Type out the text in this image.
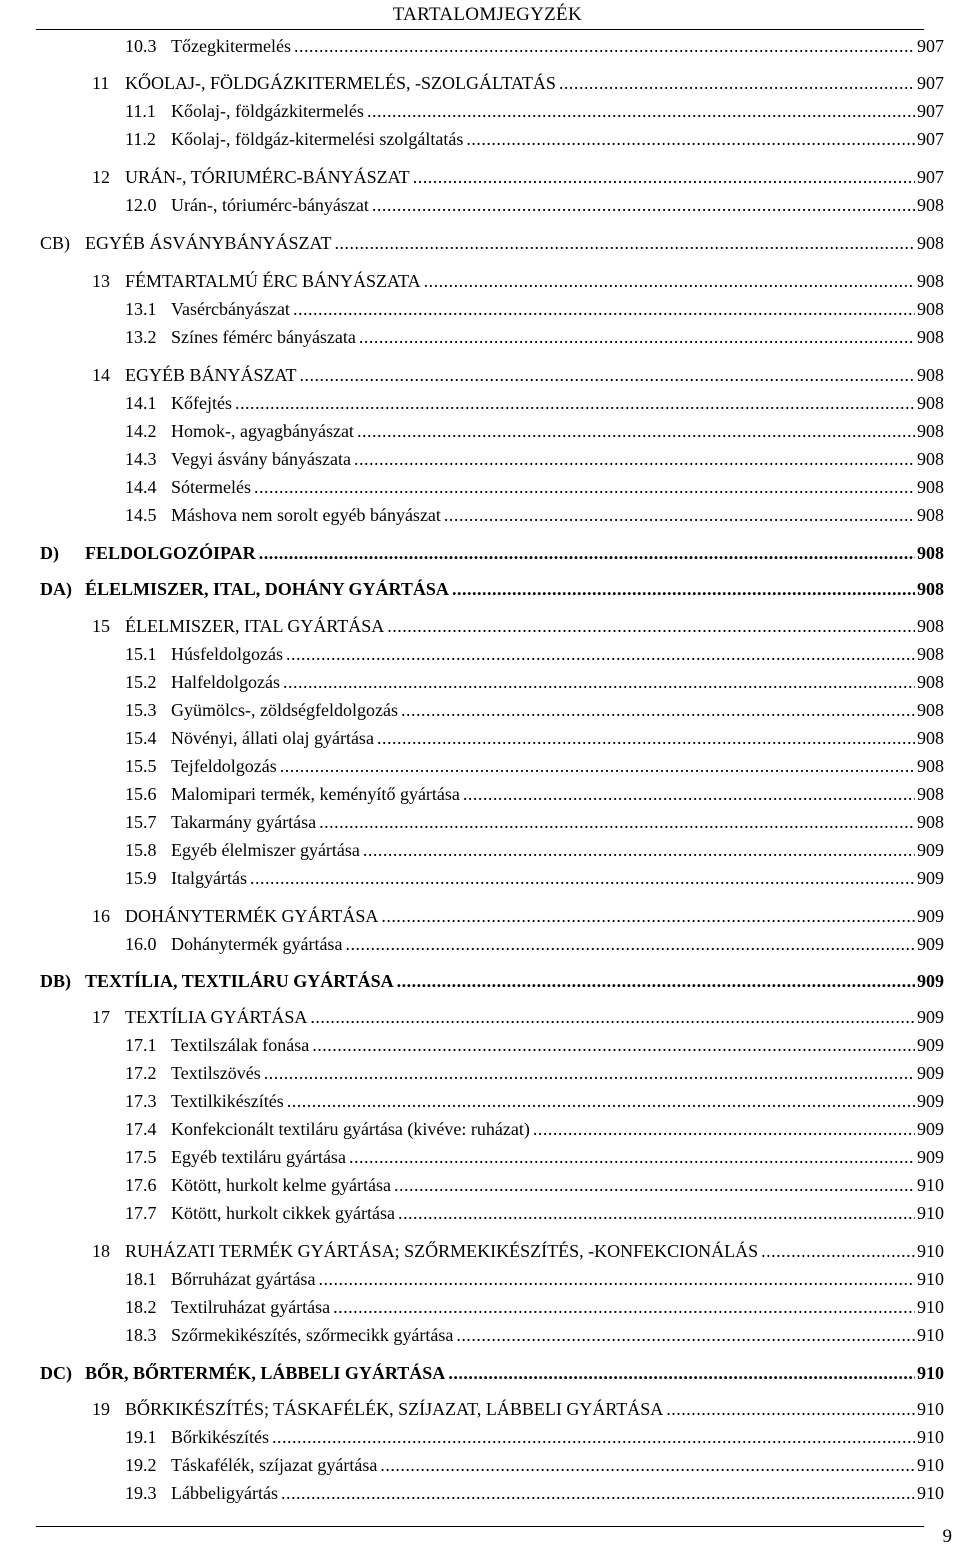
TARTALOMJEGYZÉK
10.3 Tőzegkitermelés .....	907
11 KŐOLAJ-, FÖLDGÁZKITERMELÉS, -SZOLGÁLTATÁS .....	907
11.1 Kőolaj-, földgázkitermelés .....	907
11.2 Kőolaj-, földgáz-kitermelési szolgáltatás .....	907
12 URÁN-, TÓRIUMÉRC-BÁNYÁSZAT .....	907
12.0 Urán-, tóriumérc-bányászat .....	908
CB) EGYÉB ÁSVÁNYBÁNYÁSZAT .....	908
13 FÉMTARTALMÚ ÉRC BÁNYÁSZATA .....	908
13.1 Vasércbányászat .....	908
13.2 Színes fémérc bányászata .....	908
14 EGYÉB BÁNYÁSZAT .....	908
14.1 Kőfejtés .....	908
14.2 Homok-, agyagbányászat .....	908
14.3 Vegyi ásvány bányászata .....	908
14.4 Sótermelés .....	908
14.5 Máshova nem sorolt egyéb bányászat .....	908
D)	FELDOLGOZÓIPAR .....	908
DA) ÉLELMISZER, ITAL, DOHÁNY GYÁRTÁSA .....	908
15 ÉLELMISZER, ITAL GYÁRTÁSA .....	908
15.1 Húsfeldolgozás .....	908
15.2 Halfeldolgozás .....	908
15.3 Gyümölcs-, zöldségfeldolgozás .....	908
15.4 Növényi, állati olaj gyártása .....	908
15.5 Tejfeldolgozás .....	908
15.6 Malomipari termék, keményítő gyártása .....	908
15.7 Takarmány gyártása .....	908
15.8 Egyéb élelmiszer gyártása .....	909
15.9 Italgyártás .....	909
16 DOHÁNYTERMÉK GYÁRTÁSA .....	909
16.0 Dohánytermék gyártása .....	909
DB) TEXTÍLIA, TEXTILÁRU GYÁRTÁSA .....	909
17 TEXTÍLIA GYÁRTÁSA .....	909
17.1 Textilszálak fonása .....	909
17.2 Textilszövés .....	909
17.3 Textilkikészítés .....	909
17.4 Konfekcionált textiláru gyártása (kivéve: ruházat) .....	909
17.5 Egyéb textiláru gyártása .....	909
17.6 Kötött, hurkolt kelme gyártása .....	910
17.7 Kötött, hurkolt cikkek gyártása .....	910
18 RUHÁZATI TERMÉK GYÁRTÁSA; SZŐRMEKIKÉSZÍTÉS, -KONFEKCIONÁLÁS .....	910
18.1 Bőrruházat gyártása .....	910
18.2 Textilruházat gyártása .....	910
18.3 Szőrmekikészítés, szőrmecikk gyártása .....	910
DC) BŐR, BŐRTERMÉK, LÁBBELI GYÁRTÁSA .....	910
19 BŐRKIKÉSZÍTÉS; TÁSKAFÉLÉK, SZÍJAZAT, LÁBBELI GYÁRTÁSA .....	910
19.1 Bőrkikészítés .....	910
19.2 Táskafélék, szíjazat gyártása .....	910
19.3 Lábbeligyártás .....	910
9
